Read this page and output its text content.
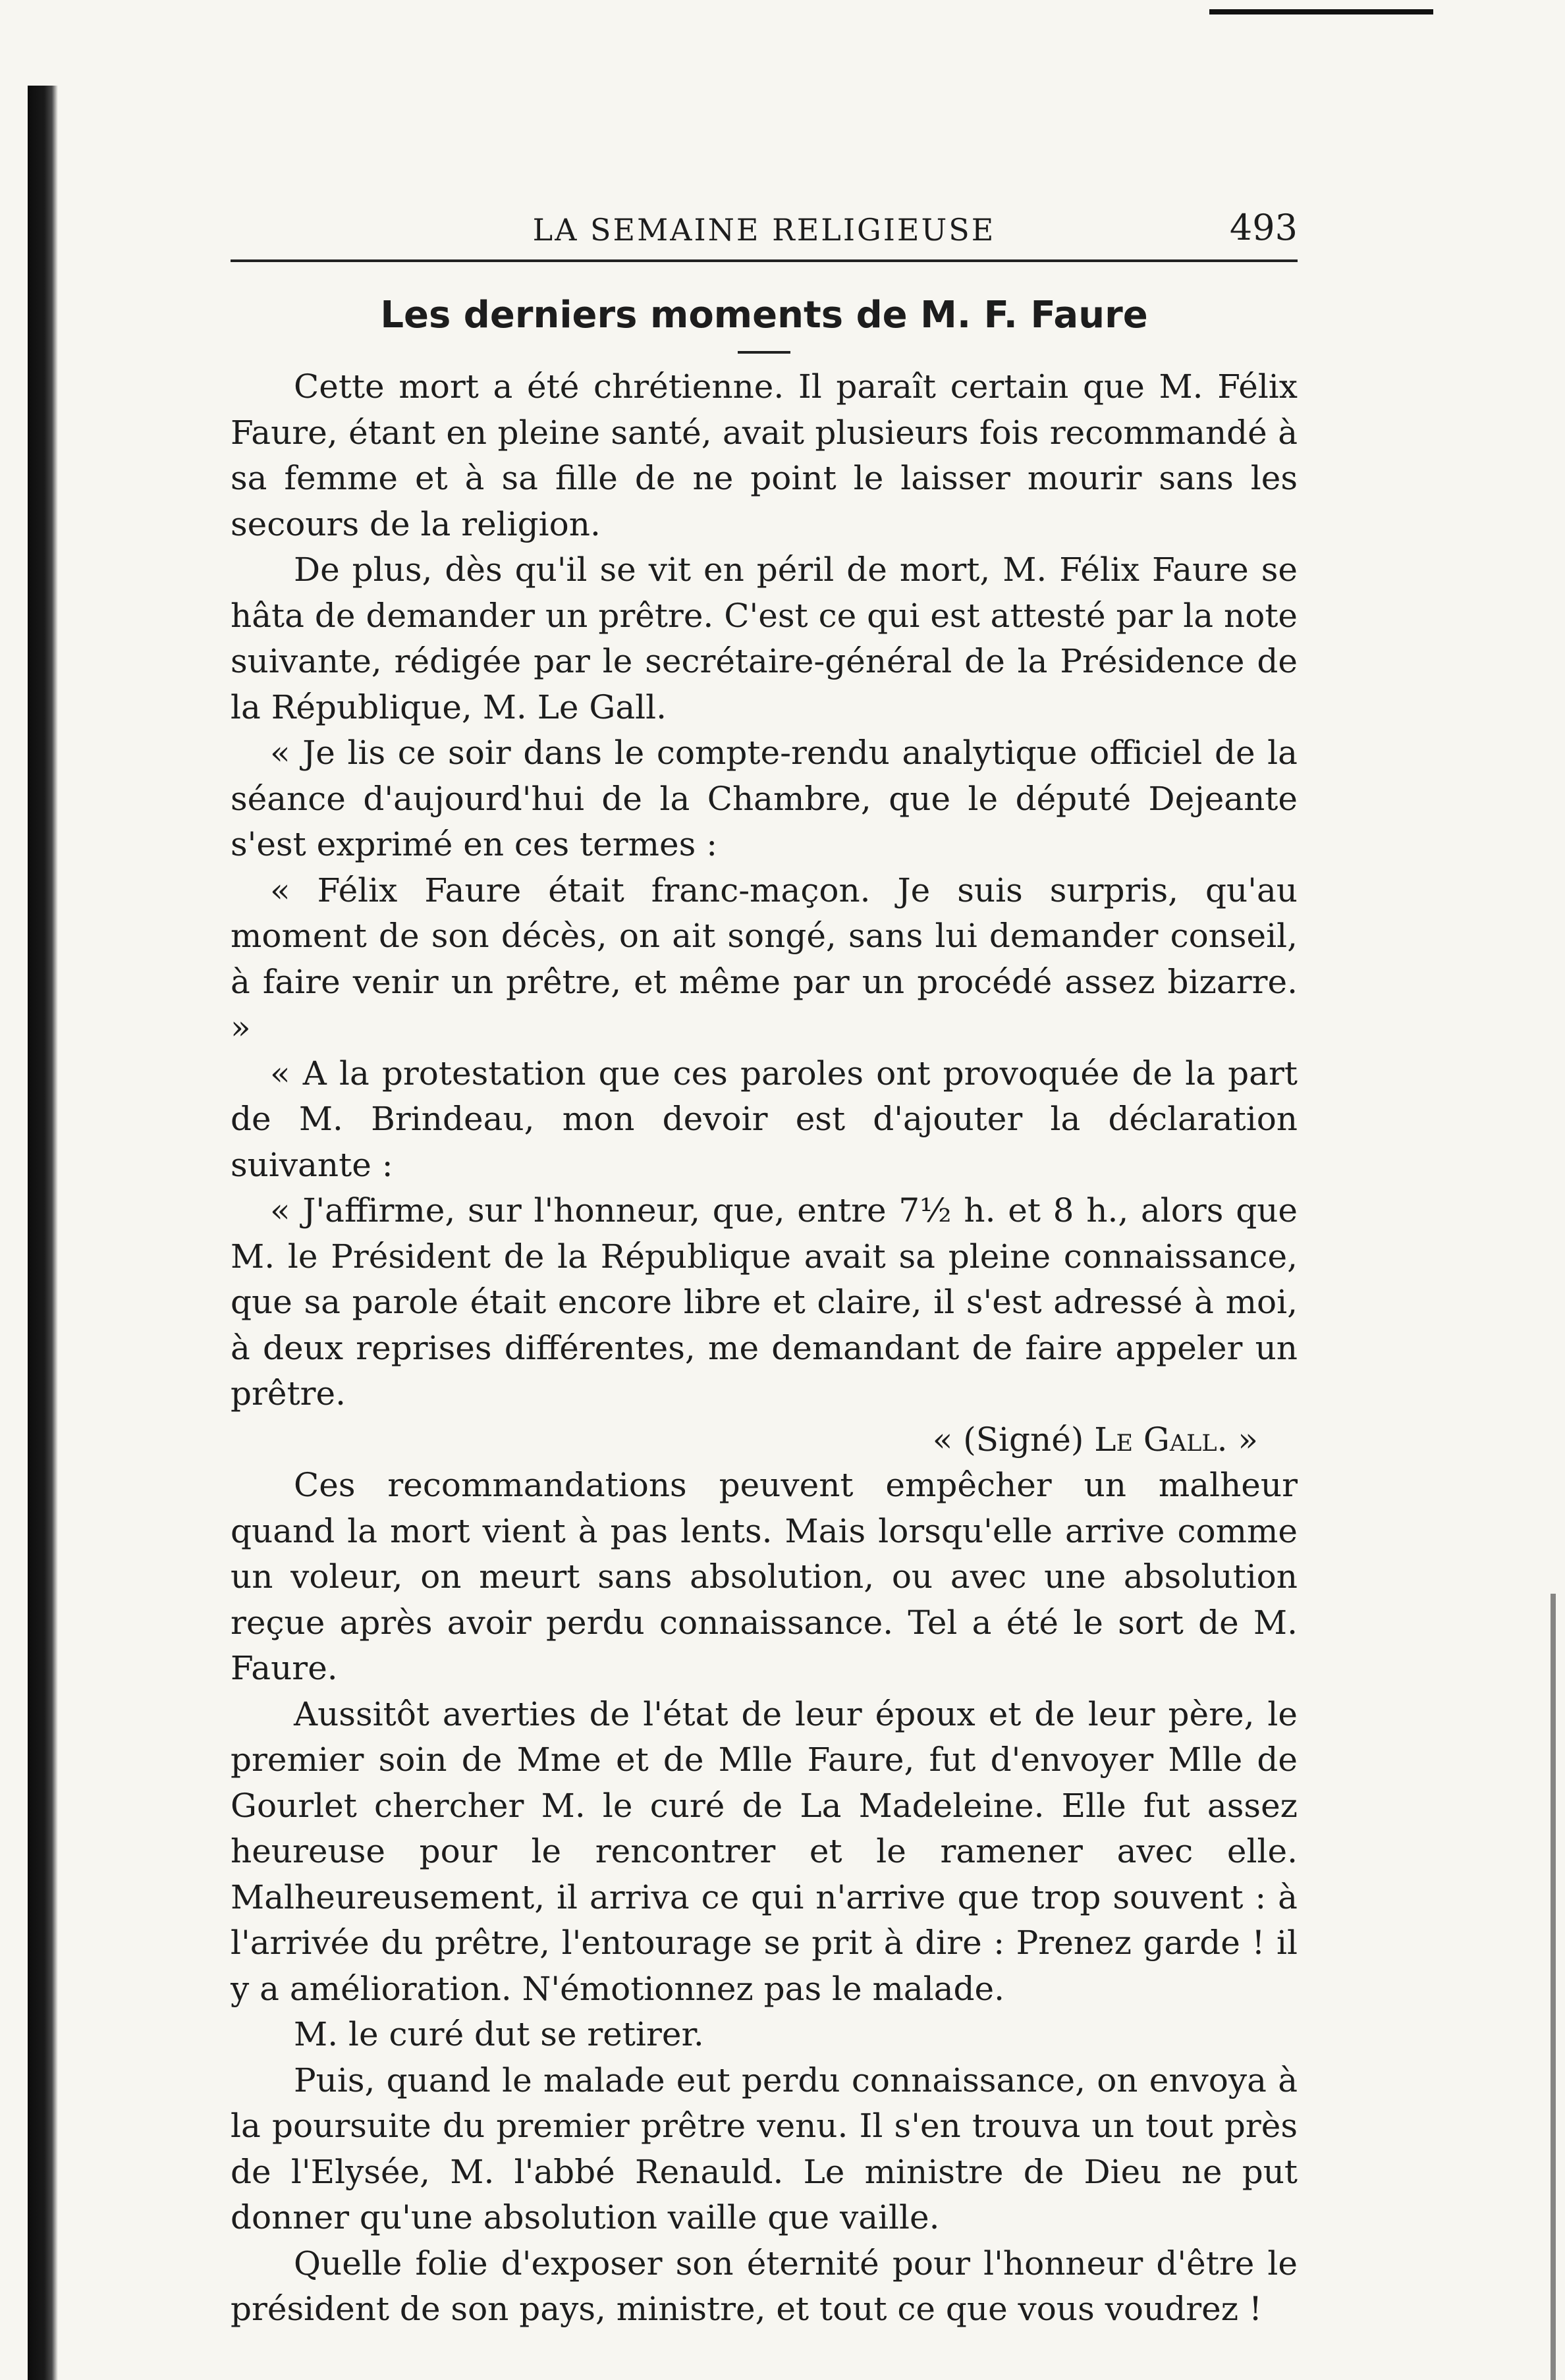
LA SEMAINE RELIGIEUSE	493
Les derniers moments de M. F. Faure

Cette mort a été chrétienne. Il paraît certain que M. Félix Faure, étant en pleine santé, avait plusieurs fois recommandé à sa femme et à sa fille de ne point le laisser mourir sans les secours de la religion.

De plus, dès qu'il se vit en péril de mort, M. Félix Faure se hâta de demander un prêtre. C'est ce qui est attesté par la note suivante, rédigée par le secrétaire-général de la Présidence de la République, M. Le Gall.

« Je lis ce soir dans le compte-rendu analytique officiel de la séance d'aujourd'hui de la Chambre, que le député Dejeante s'est exprimé en ces termes :

« Félix Faure était franc-maçon. Je suis surpris, qu'au moment de son décès, on ait songé, sans lui demander conseil, à faire venir un prêtre, et même par un procédé assez bizarre. »

« A la protestation que ces paroles ont provoquée de la part de M. Brindeau, mon devoir est d'ajouter la déclaration suivante :

« J'affirme, sur l'honneur, que, entre 7½ h. et 8 h., alors que M. le Président de la République avait sa pleine connaissance, que sa parole était encore libre et claire, il s'est adressé à moi, à deux reprises différentes, me demandant de faire appeler un prêtre.

« (Signé) Le Gall. »

Ces recommandations peuvent empêcher un malheur quand la mort vient à pas lents. Mais lorsqu'elle arrive comme un voleur, on meurt sans absolution, ou avec une absolution reçue après avoir perdu connaissance. Tel a été le sort de M. Faure.

Aussitôt averties de l'état de leur époux et de leur père, le premier soin de Mme et de Mlle Faure, fut d'envoyer Mlle de Gourlet chercher M. le curé de La Madeleine. Elle fut assez heureuse pour le rencontrer et le ramener avec elle. Malheureusement, il arriva ce qui n'arrive que trop souvent : à l'arrivée du prêtre, l'entourage se prit à dire : Prenez garde ! il y a amélioration. N'émotionnez pas le malade.

M. le curé dut se retirer.

Puis, quand le malade eut perdu connaissance, on envoya à la poursuite du premier prêtre venu. Il s'en trouva un tout près de l'Elysée, M. l'abbé Renauld. Le ministre de Dieu ne put donner qu'une absolution vaille que vaille.

Quelle folie d'exposer son éternité pour l'honneur d'être le président de son pays, ministre, et tout ce que vous voudrez !
